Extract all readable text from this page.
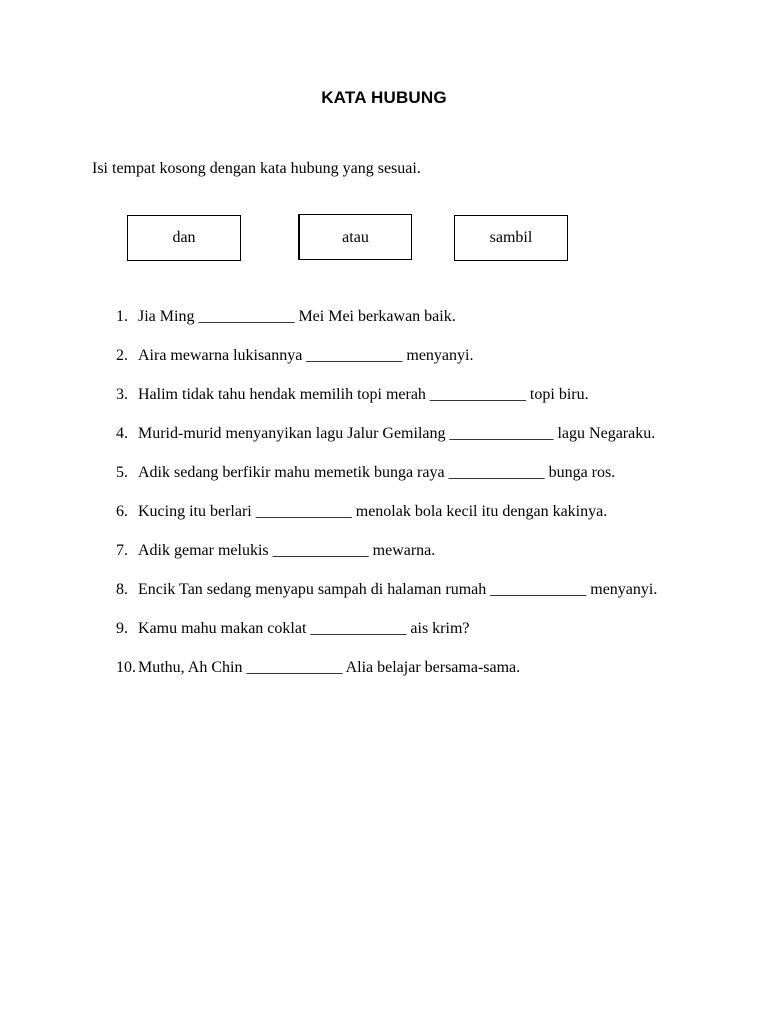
KATA HUBUNG
Isi tempat kosong dengan kata hubung yang sesuai.
dan	atau	sambil
1. Jia Ming ____________ Mei Mei berkawan baik.
2. Aira mewarna lukisannya ____________ menyanyi.
3. Halim tidak tahu hendak memilih topi merah ____________ topi biru.
4. Murid-murid menyanyikan lagu Jalur Gemilang _____________ lagu Negaraku.
5. Adik sedang berfikir mahu memetik bunga raya ____________ bunga ros.
6. Kucing itu berlari ____________ menolak bola kecil itu dengan kakinya.
7. Adik gemar melukis ____________ mewarna.
8. Encik Tan sedang menyapu sampah di halaman rumah ____________ menyanyi.
9. Kamu mahu makan coklat ____________ ais krim?
10. Muthu, Ah Chin ____________ Alia belajar bersama-sama.
